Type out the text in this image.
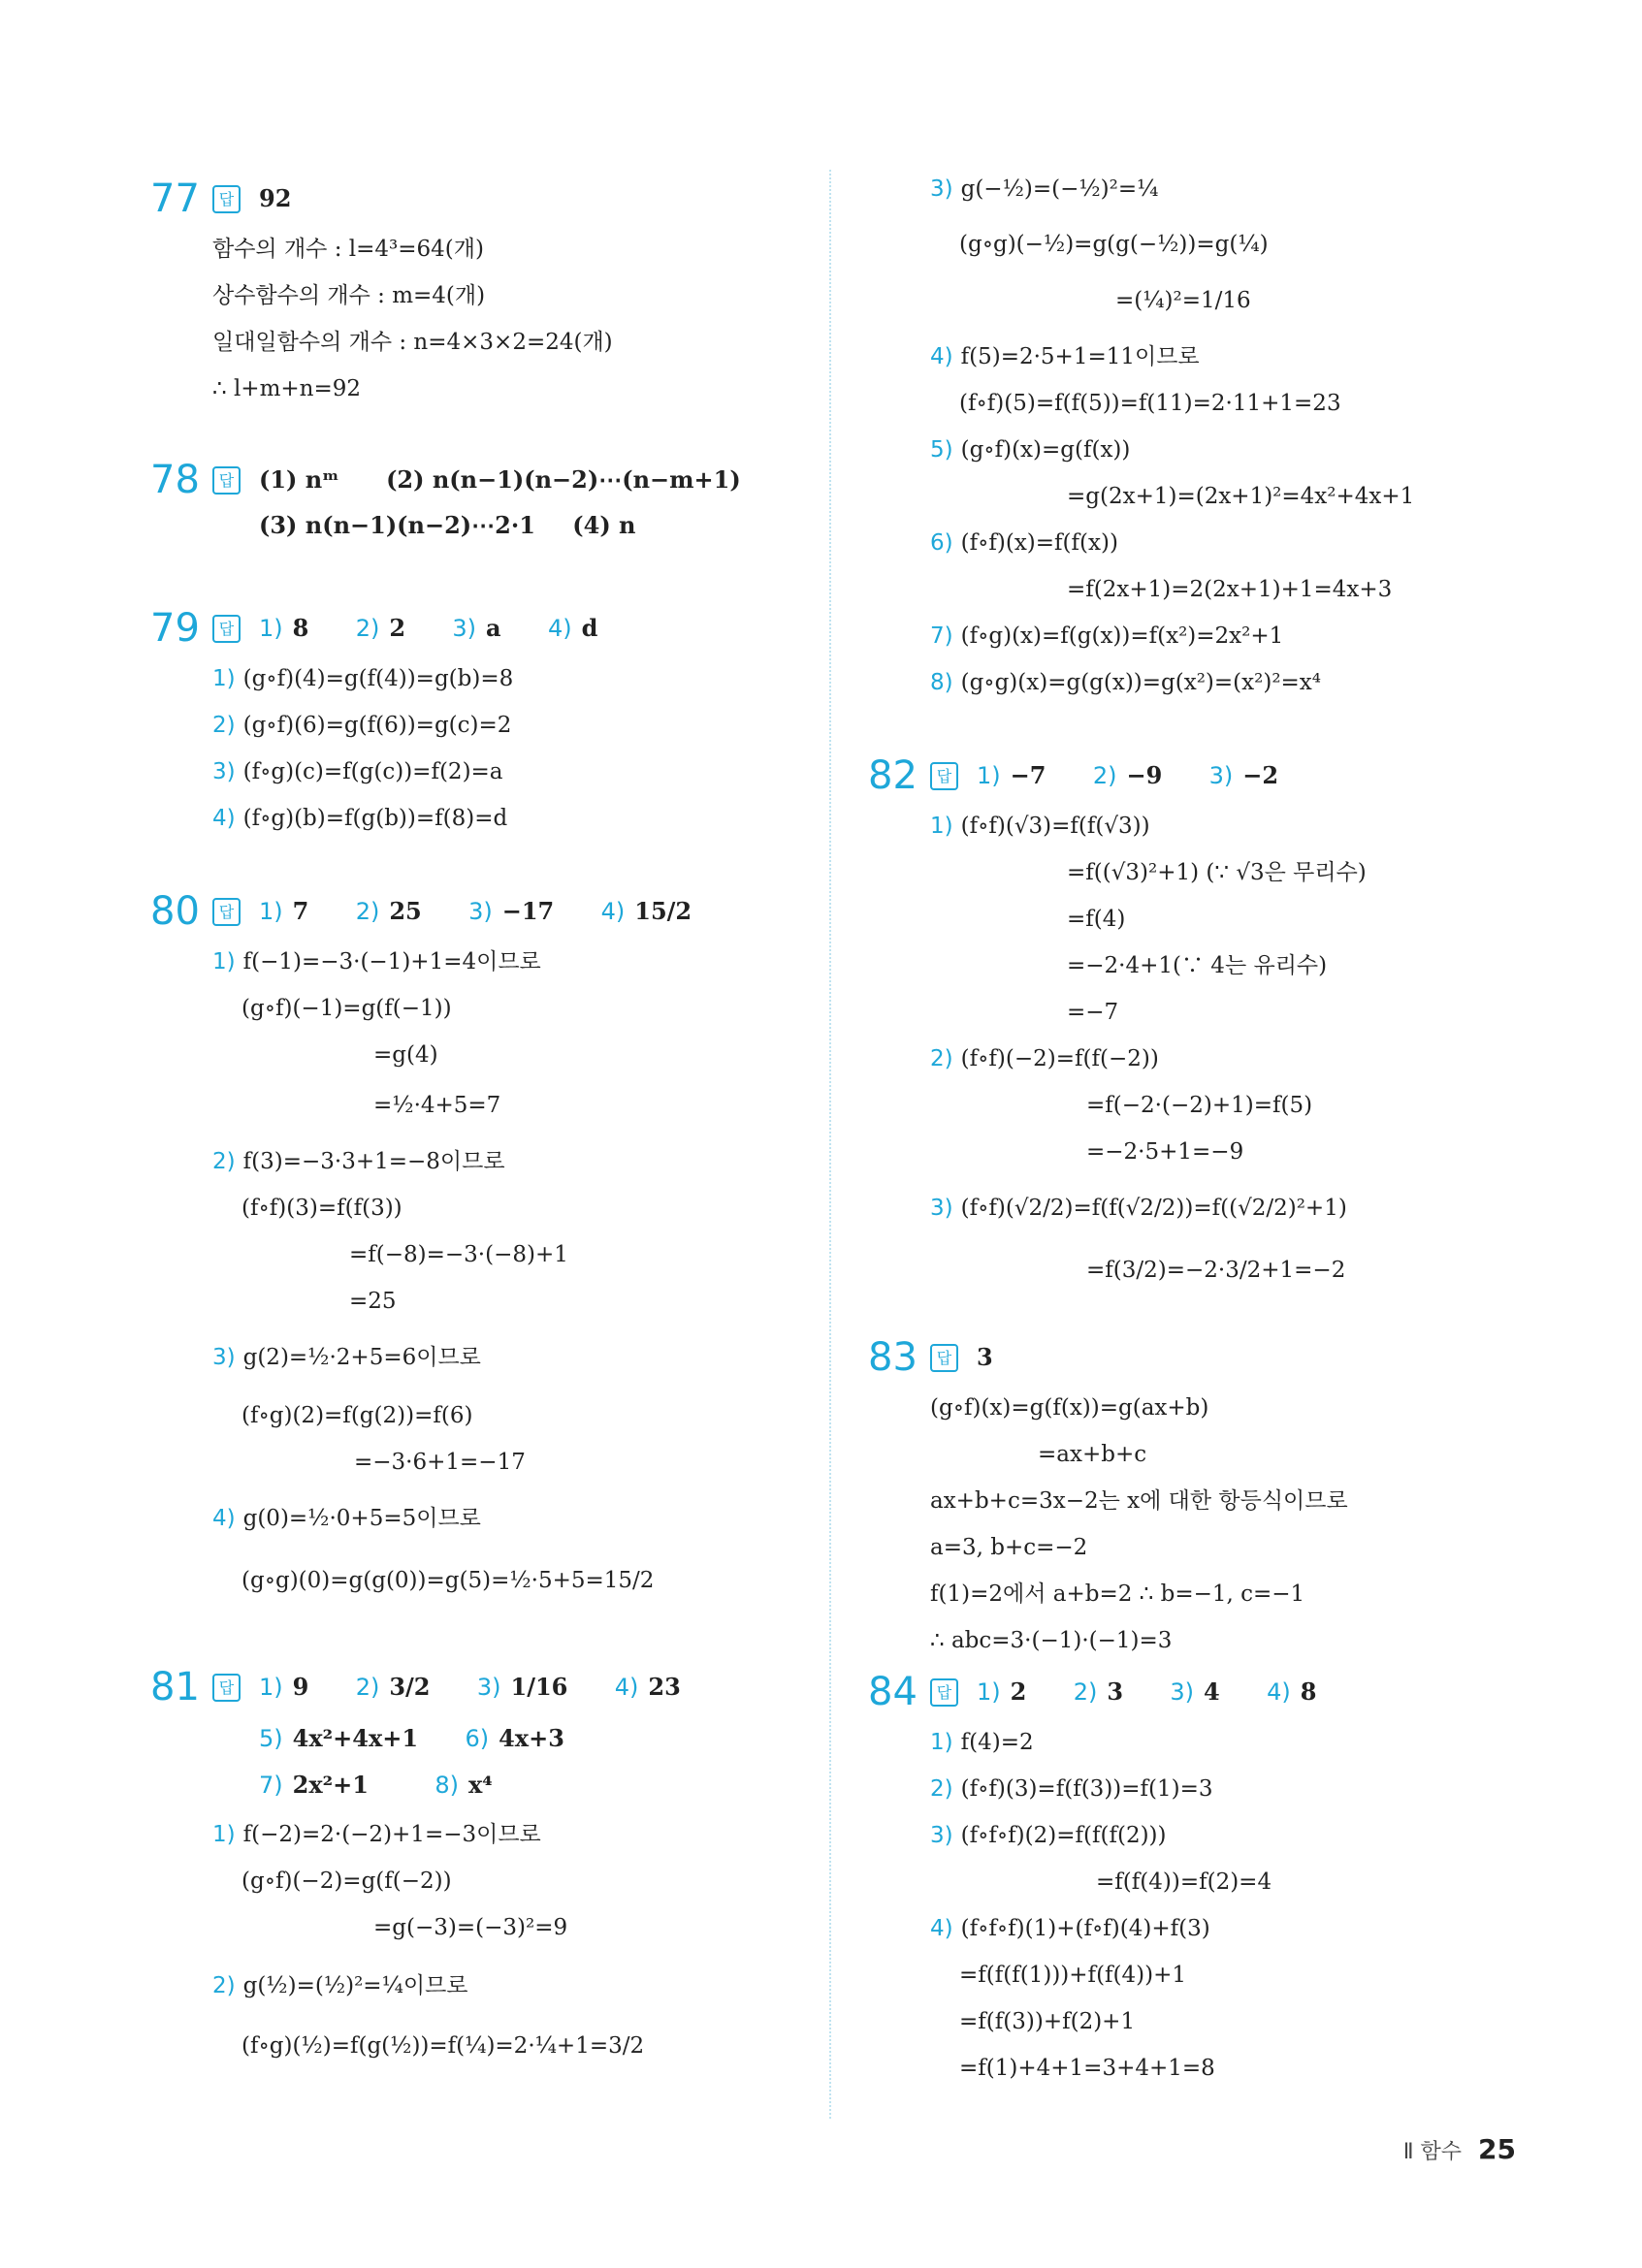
77	답 92
함수의 개수 : l=4³=64(개)
상수함수의 개수 : m=4(개)
일대일함수의 개수 : n=4×3×2=24(개)
∴ l+m+n=92
78	답 (1) nᵐ (2) n(n−1)(n−2)⋯(n−m+1)
(3) n(n−1)(n−2)⋯2·1 (4) n
79	답 1) 8 2) 2 3) a 4) d
1) (g∘f)(4)=g(f(4))=g(b)=8
2) (g∘f)(6)=g(f(6))=g(c)=2
3) (f∘g)(c)=f(g(c))=f(2)=a
4) (f∘g)(b)=f(g(b))=f(8)=d
80	답 1) 7 2) 25 3) −17 4) 15/2
1) f(−1)=−3·(−1)+1=4이므로
(g∘f)(−1)=g(f(−1))
=g(4)
=½·4+5=7
2) f(3)=−3·3+1=−8이므로
(f∘f)(3)=f(f(3))
=f(−8)=−3·(−8)+1
=25
3) g(2)=½·2+5=6이므로
(f∘g)(2)=f(g(2))=f(6)
=−3·6+1=−17
4) g(0)=½·0+5=5이므로
(g∘g)(0)=g(g(0))=g(5)=½·5+5=15/2
81	답 1) 9 2) 3/2 3) 1/16 4) 23
5) 4x²+4x+1 6) 4x+3
7) 2x²+1	8) x⁴
1) f(−2)=2·(−2)+1=−3이므로
(g∘f)(−2)=g(f(−2))
=g(−3)=(−3)²=9
2) g(½)=(½)²=¼이므로
(f∘g)(½)=f(g(½))=f(¼)=2·¼+1=3/2
3) g(−½)=(−½)²=¼
(g∘g)(−½)=g(g(−½))=g(¼)
=(¼)²=1/16
4) f(5)=2·5+1=11이므로
(f∘f)(5)=f(f(5))=f(11)=2·11+1=23
5) (g∘f)(x)=g(f(x))
=g(2x+1)=(2x+1)²=4x²+4x+1
6) (f∘f)(x)=f(f(x))
=f(2x+1)=2(2x+1)+1=4x+3
7) (f∘g)(x)=f(g(x))=f(x²)=2x²+1
8) (g∘g)(x)=g(g(x))=g(x²)=(x²)²=x⁴
82	답 1) −7 2) −9 3) −2
1) (f∘f)(√3)=f(f(√3))
=f((√3)²+1) (∵ √3은 무리수)
=f(4)
=−2·4+1(∵ 4는 유리수)
=−7
2) (f∘f)(−2)=f(f(−2))
=f(−2·(−2)+1)=f(5)
=−2·5+1=−9
3) (f∘f)(√2/2)=f(f(√2/2))=f((√2/2)²+1)
=f(3/2)=−2·3/2+1=−2
83	답 3
(g∘f)(x)=g(f(x))=g(ax+b)
=ax+b+c
ax+b+c=3x−2는 x에 대한 항등식이므로
a=3, b+c=−2
f(1)=2에서 a+b=2 ∴ b=−1, c=−1
∴ abc=3·(−1)·(−1)=3
84	답 1) 2 2) 3 3) 4 4) 8
1) f(4)=2
2) (f∘f)(3)=f(f(3))=f(1)=3
3) (f∘f∘f)(2)=f(f(f(2)))
=f(f(4))=f(2)=4
4) (f∘f∘f)(1)+(f∘f)(4)+f(3)
=f(f(f(1)))+f(f(4))+1
=f(f(3))+f(2)+1
=f(1)+4+1=3+4+1=8
Ⅱ 함수 25
